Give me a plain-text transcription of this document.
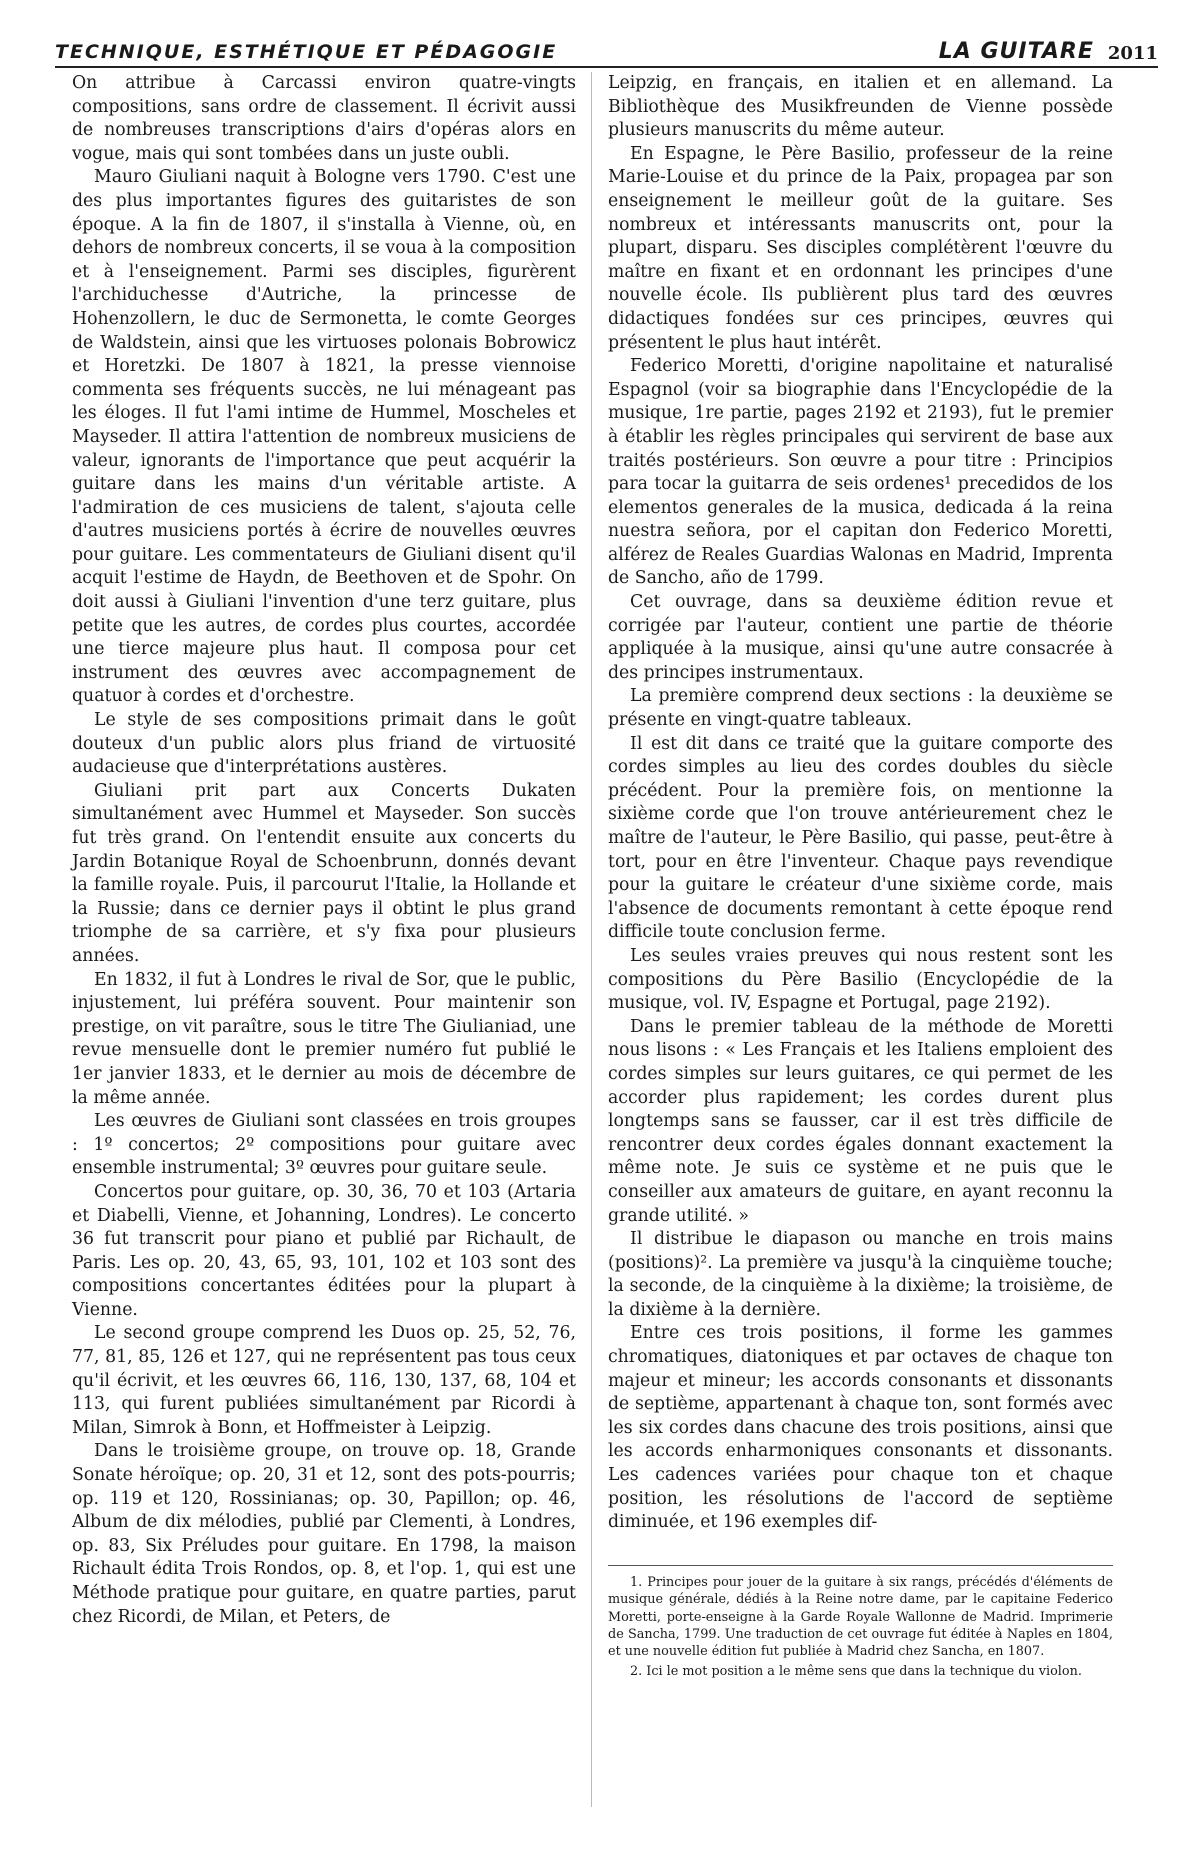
TECHNIQUE, ESTHÉTIQUE ET PÉDAGOGIE	LA GUITARE 2011

On attribue à Carcassi environ quatre-vingts compositions, sans ordre de classement. Il écrivit aussi de nombreuses transcriptions d'airs d'opéras alors en vogue, mais qui sont tombées dans un juste oubli.

Mauro Giuliani naquit à Bologne vers 1790. C'est une des plus importantes figures des guitaristes de son époque. A la fin de 1807, il s'installa à Vienne, où, en dehors de nombreux concerts, il se voua à la composition et à l'enseignement. Parmi ses disciples, figurèrent l'archiduchesse d'Autriche, la princesse de Hohenzollern, le duc de Sermonetta, le comte Georges de Waldstein, ainsi que les virtuoses polonais Bobrowicz et Horetzki. De 1807 à 1821, la presse viennoise commenta ses fréquents succès, ne lui ménageant pas les éloges. Il fut l'ami intime de Hummel, Moscheles et Mayseder. Il attira l'attention de nombreux musiciens de valeur, ignorants de l'importance que peut acquérir la guitare dans les mains d'un véritable artiste. A l'admiration de ces musiciens de talent, s'ajouta celle d'autres musiciens portés à écrire de nouvelles œuvres pour guitare. Les commentateurs de Giuliani disent qu'il acquit l'estime de Haydn, de Beethoven et de Spohr. On doit aussi à Giuliani l'invention d'une terz guitare, plus petite que les autres, de cordes plus courtes, accordée une tierce majeure plus haut. Il composa pour cet instrument des œuvres avec accompagnement de quatuor à cordes et d'orchestre.

Le style de ses compositions primait dans le goût douteux d'un public alors plus friand de virtuosité audacieuse que d'interprétations austères.

Giuliani prit part aux Concerts Dukaten simultanément avec Hummel et Mayseder. Son succès fut très grand. On l'entendit ensuite aux concerts du Jardin Botanique Royal de Schoenbrunn, donnés devant la famille royale. Puis, il parcourut l'Italie, la Hollande et la Russie; dans ce dernier pays il obtint le plus grand triomphe de sa carrière, et s'y fixa pour plusieurs années.

En 1832, il fut à Londres le rival de Sor, que le public, injustement, lui préféra souvent. Pour maintenir son prestige, on vit paraître, sous le titre The Giulianiad, une revue mensuelle dont le premier numéro fut publié le 1er janvier 1833, et le dernier au mois de décembre de la même année.

Les œuvres de Giuliani sont classées en trois groupes : 1º concertos; 2º compositions pour guitare avec ensemble instrumental; 3º œuvres pour guitare seule.

Concertos pour guitare, op. 30, 36, 70 et 103 (Artaria et Diabelli, Vienne, et Johanning, Londres). Le concerto 36 fut transcrit pour piano et publié par Richault, de Paris. Les op. 20, 43, 65, 93, 101, 102 et 103 sont des compositions concertantes éditées pour la plupart à Vienne.

Le second groupe comprend les Duos op. 25, 52, 76, 77, 81, 85, 126 et 127, qui ne représentent pas tous ceux qu'il écrivit, et les œuvres 66, 116, 130, 137, 68, 104 et 113, qui furent publiées simultanément par Ricordi à Milan, Simrok à Bonn, et Hoffmeister à Leipzig.

Dans le troisième groupe, on trouve op. 18, Grande Sonate héroïque; op. 20, 31 et 12, sont des pots-pourris; op. 119 et 120, Rossinianas; op. 30, Papillon; op. 46, Album de dix mélodies, publié par Clementi, à Londres, op. 83, Six Préludes pour guitare. En 1798, la maison Richault édita Trois Rondos, op. 8, et l'op. 1, qui est une Méthode pratique pour guitare, en quatre parties, parut chez Ricordi, de Milan, et Peters, de

Leipzig, en français, en italien et en allemand. La Bibliothèque des Musikfreunden de Vienne possède plusieurs manuscrits du même auteur.

En Espagne, le Père Basilio, professeur de la reine Marie-Louise et du prince de la Paix, propagea par son enseignement le meilleur goût de la guitare. Ses nombreux et intéressants manuscrits ont, pour la plupart, disparu. Ses disciples complétèrent l'œuvre du maître en fixant et en ordonnant les principes d'une nouvelle école. Ils publièrent plus tard des œuvres didactiques fondées sur ces principes, œuvres qui présentent le plus haut intérêt.

Federico Moretti, d'origine napolitaine et naturalisé Espagnol (voir sa biographie dans l'Encyclopédie de la musique, 1re partie, pages 2192 et 2193), fut le premier à établir les règles principales qui servirent de base aux traités postérieurs. Son œuvre a pour titre : Principios para tocar la guitarra de seis ordenes¹ precedidos de los elementos generales de la musica, dedicada á la reina nuestra señora, por el capitan don Federico Moretti, alférez de Reales Guardias Walonas en Madrid, Imprenta de Sancho, año de 1799.

Cet ouvrage, dans sa deuxième édition revue et corrigée par l'auteur, contient une partie de théorie appliquée à la musique, ainsi qu'une autre consacrée à des principes instrumentaux.

La première comprend deux sections : la deuxième se présente en vingt-quatre tableaux.

Il est dit dans ce traité que la guitare comporte des cordes simples au lieu des cordes doubles du siècle précédent. Pour la première fois, on mentionne la sixième corde que l'on trouve antérieurement chez le maître de l'auteur, le Père Basilio, qui passe, peut-être à tort, pour en être l'inventeur. Chaque pays revendique pour la guitare le créateur d'une sixième corde, mais l'absence de documents remontant à cette époque rend difficile toute conclusion ferme.

Les seules vraies preuves qui nous restent sont les compositions du Père Basilio (Encyclopédie de la musique, vol. IV, Espagne et Portugal, page 2192).

Dans le premier tableau de la méthode de Moretti nous lisons : « Les Français et les Italiens emploient des cordes simples sur leurs guitares, ce qui permet de les accorder plus rapidement; les cordes durent plus longtemps sans se fausser, car il est très difficile de rencontrer deux cordes égales donnant exactement la même note. Je suis ce système et ne puis que le conseiller aux amateurs de guitare, en ayant reconnu la grande utilité. »

Il distribue le diapason ou manche en trois mains (positions)². La première va jusqu'à la cinquième touche; la seconde, de la cinquième à la dixième; la troisième, de la dixième à la dernière.

Entre ces trois positions, il forme les gammes chromatiques, diatoniques et par octaves de chaque ton majeur et mineur; les accords consonants et dissonants de septième, appartenant à chaque ton, sont formés avec les six cordes dans chacune des trois positions, ainsi que les accords enharmoniques consonants et dissonants. Les cadences variées pour chaque ton et chaque position, les résolutions de l'accord de septième diminuée, et 196 exemples dif-

1. Principes pour jouer de la guitare à six rangs, précédés d'éléments de musique générale, dédiés à la Reine notre dame, par le capitaine Federico Moretti, porte-enseigne à la Garde Royale Wallonne de Madrid. Imprimerie de Sancha, 1799. Une traduction de cet ouvrage fut éditée à Naples en 1804, et une nouvelle édition fut publiée à Madrid chez Sancha, en 1807.

2. Ici le mot position a le même sens que dans la technique du violon.
